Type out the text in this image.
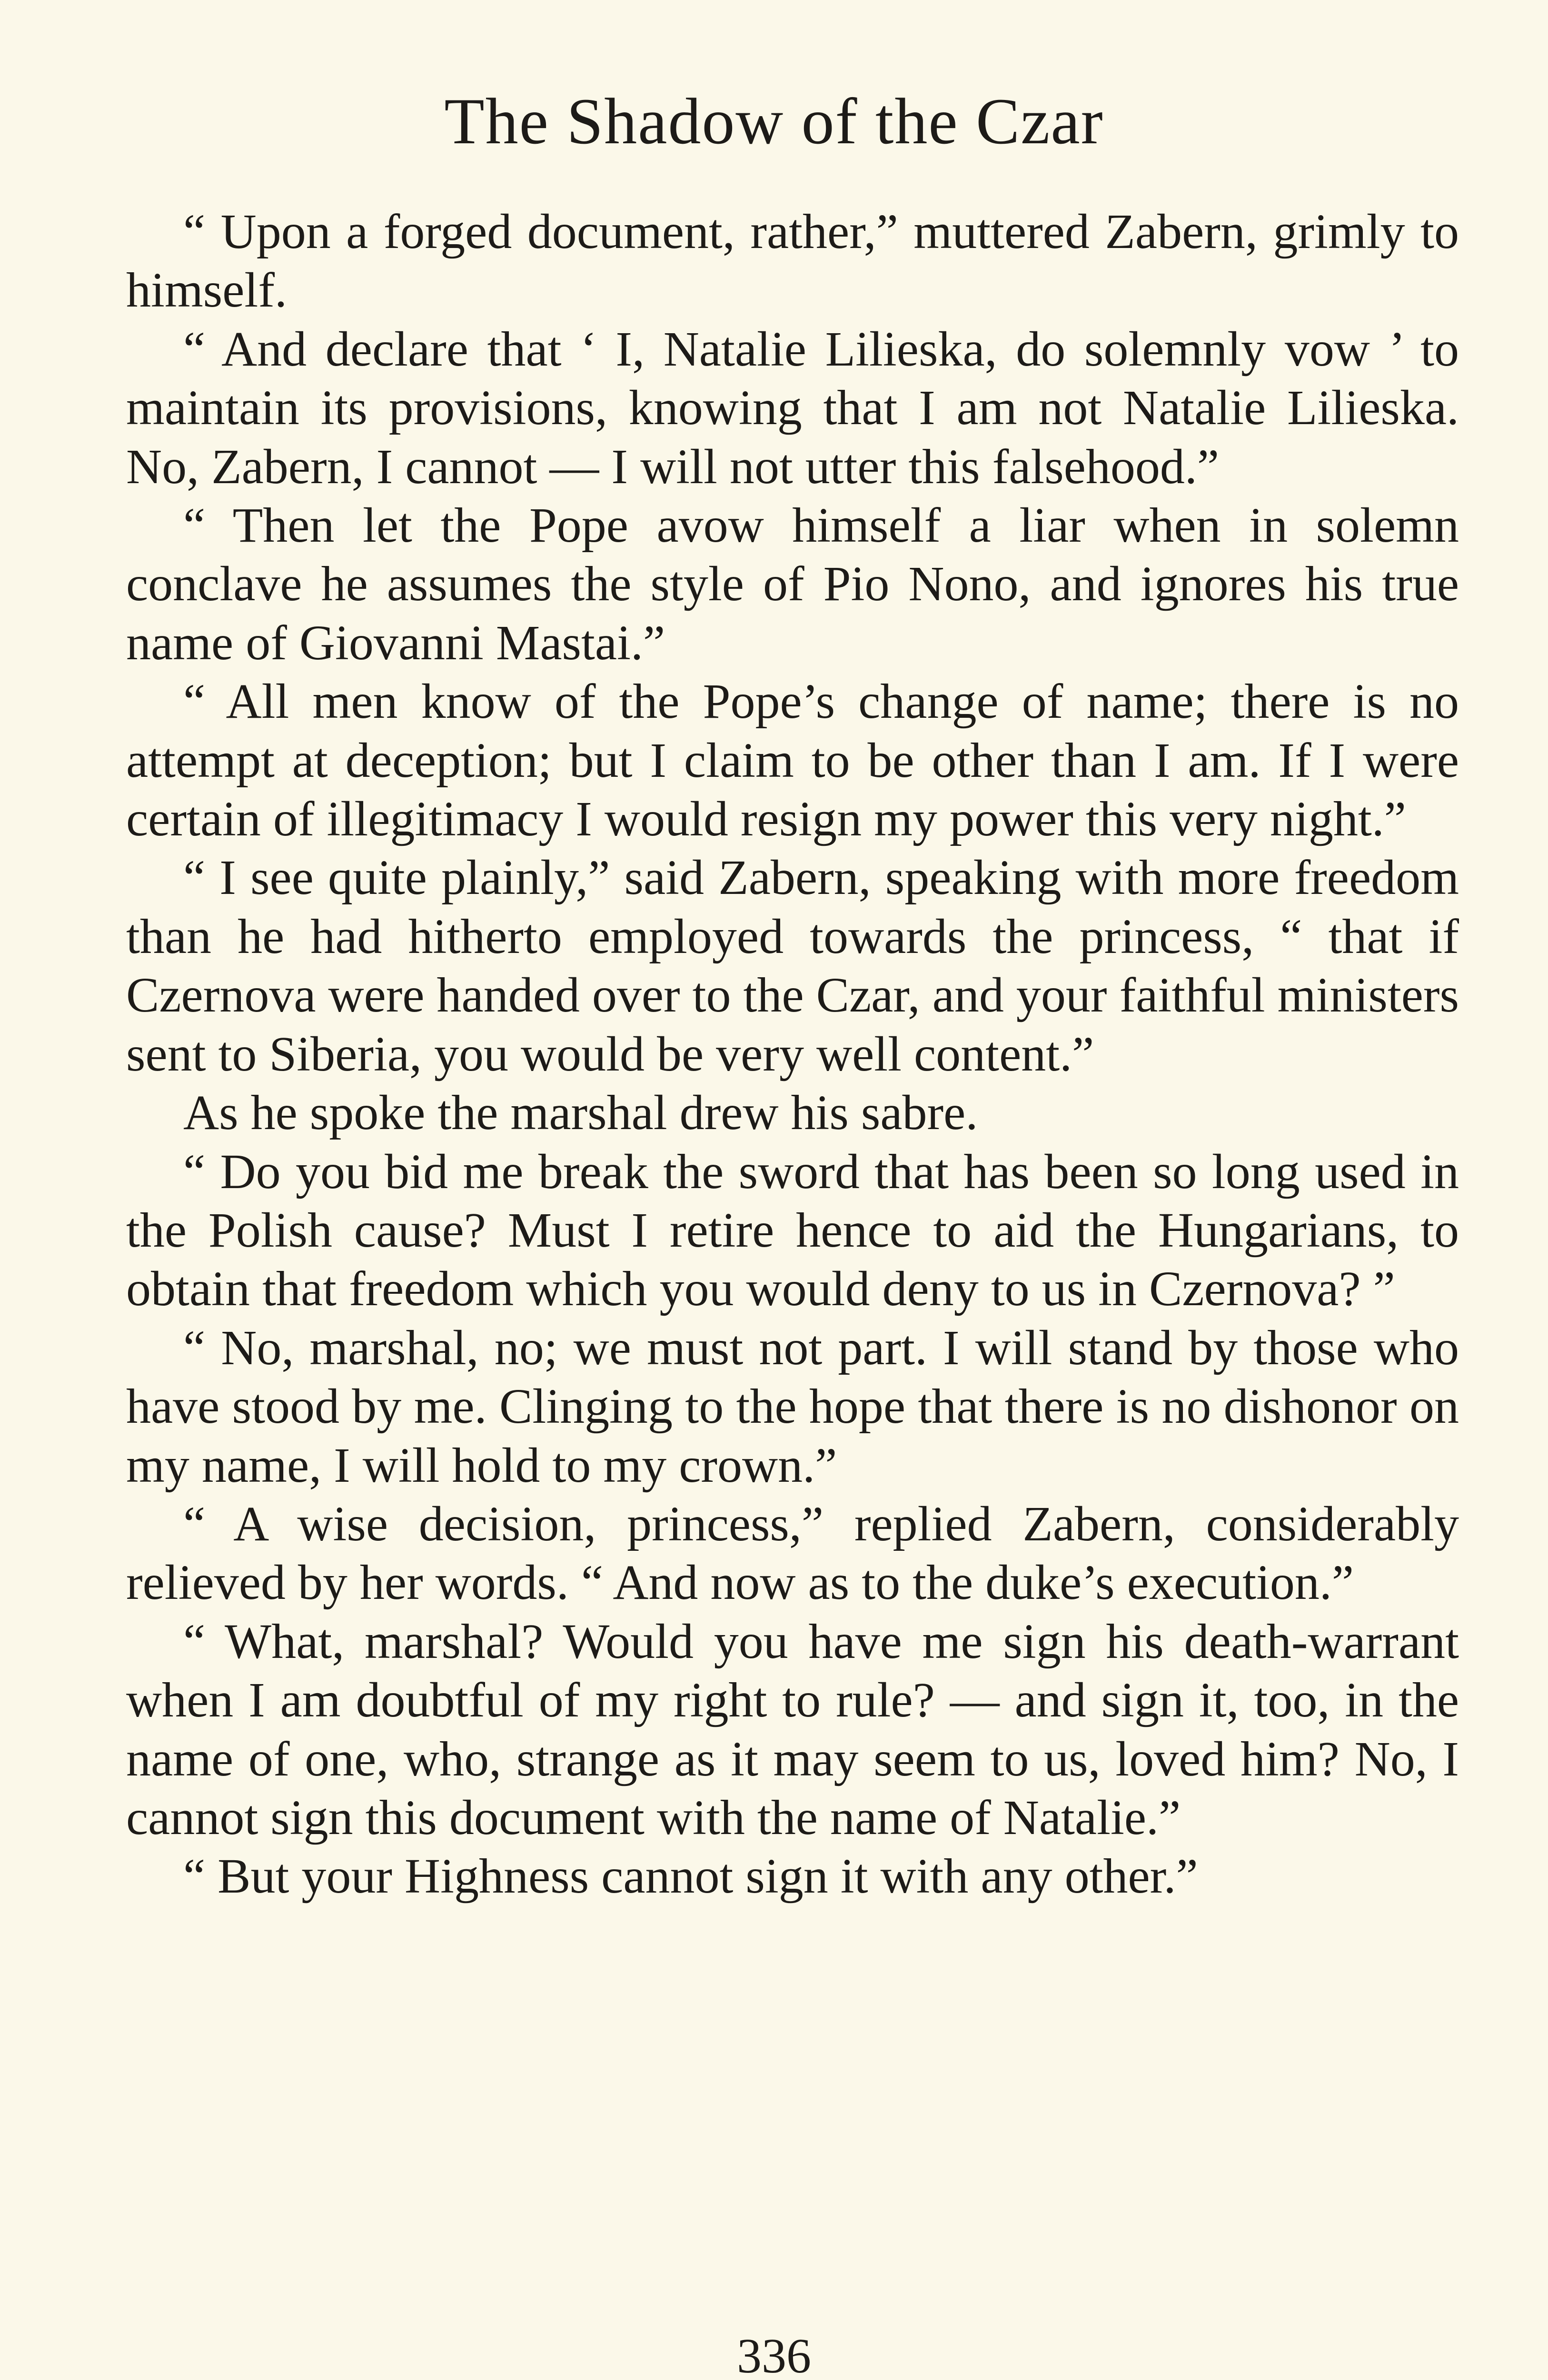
The Shadow of the Czar

“ Upon a forged document, rather,” muttered Zabern, grimly to himself.

“ And declare that ‘ I, Natalie Lilieska, do solemnly vow ’ to maintain its provisions, knowing that I am not Natalie Lilieska. No, Zabern, I cannot — I will not utter this falsehood.”

“ Then let the Pope avow himself a liar when in solemn conclave he assumes the style of Pio Nono, and ignores his true name of Giovanni Mastai.”

“ All men know of the Pope’s change of name; there is no attempt at deception; but I claim to be other than I am. If I were certain of illegitimacy I would resign my power this very night.”

“ I see quite plainly,” said Zabern, speaking with more freedom than he had hitherto employed towards the princess, “ that if Czernova were handed over to the Czar, and your faithful ministers sent to Siberia, you would be very well content.”

As he spoke the marshal drew his sabre.

“ Do you bid me break the sword that has been so long used in the Polish cause? Must I retire hence to aid the Hungarians, to obtain that freedom which you would deny to us in Czernova? ”

“ No, marshal, no; we must not part. I will stand by those who have stood by me. Clinging to the hope that there is no dishonor on my name, I will hold to my crown.”

“ A wise decision, princess,” replied Zabern, considerably relieved by her words. “ And now as to the duke’s execution.”

“ What, marshal? Would you have me sign his death-warrant when I am doubtful of my right to rule? — and sign it, too, in the name of one, who, strange as it may seem to us, loved him? No, I cannot sign this document with the name of Natalie.”

“ But your Highness cannot sign it with any other.”

336
